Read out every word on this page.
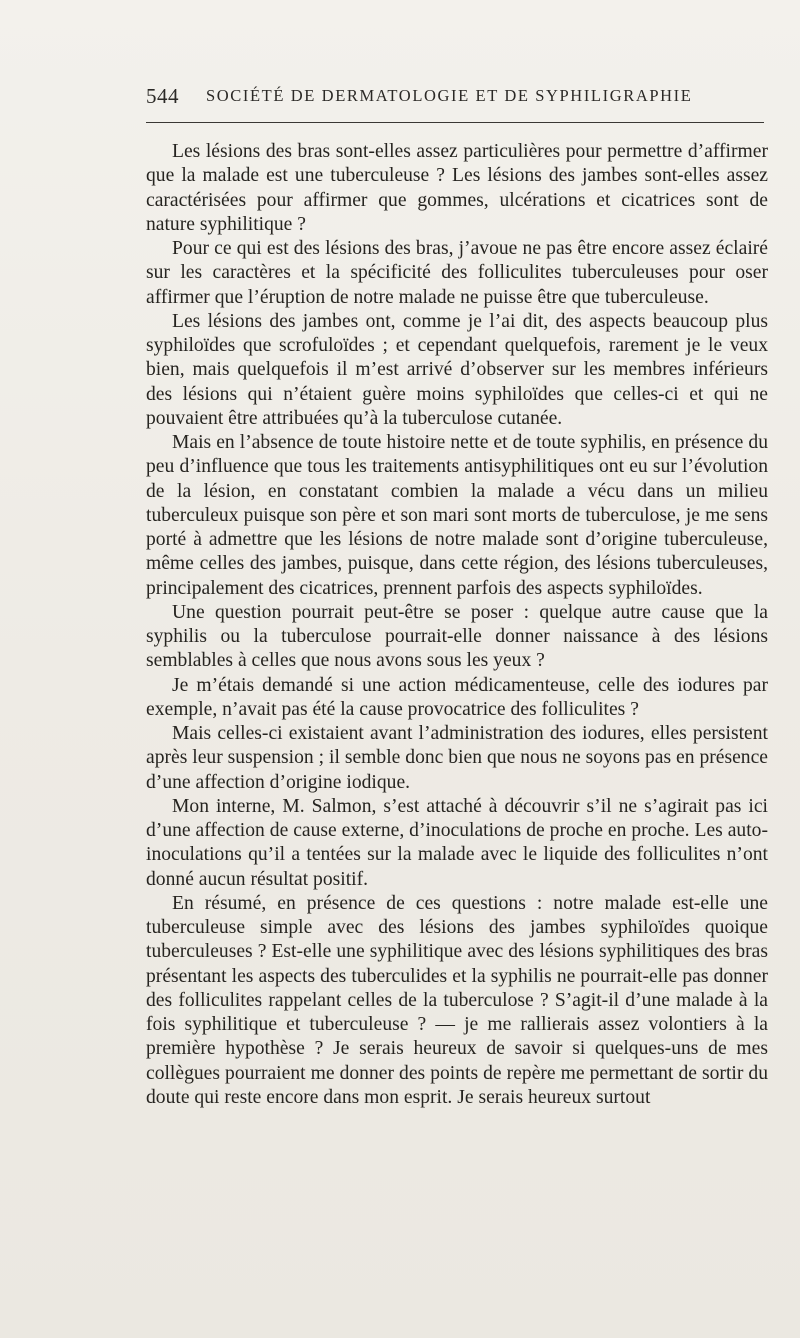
544 SOCIÉTÉ DE DERMATOLOGIE ET DE SYPHILIGRAPHIE

Les lésions des bras sont-elles assez particulières pour permettre d’affirmer que la malade est une tuberculeuse ? Les lésions des jambes sont-elles assez caractérisées pour affirmer que gommes, ulcérations et cicatrices sont de nature syphilitique ?

Pour ce qui est des lésions des bras, j’avoue ne pas être encore assez éclairé sur les caractères et la spécificité des folliculites tuberculeuses pour oser affirmer que l’éruption de notre malade ne puisse être que tuberculeuse.

Les lésions des jambes ont, comme je l’ai dit, des aspects beaucoup plus syphiloïdes que scrofuloïdes ; et cependant quelquefois, rarement je le veux bien, mais quelquefois il m’est arrivé d’observer sur les membres inférieurs des lésions qui n’étaient guère moins syphiloïdes que celles-ci et qui ne pouvaient être attribuées qu’à la tuberculose cutanée.

Mais en l’absence de toute histoire nette et de toute syphilis, en présence du peu d’influence que tous les traitements antisyphilitiques ont eu sur l’évolution de la lésion, en constatant combien la malade a vécu dans un milieu tuberculeux puisque son père et son mari sont morts de tuberculose, je me sens porté à admettre que les lésions de notre malade sont d’origine tuberculeuse, même celles des jambes, puisque, dans cette région, des lésions tuberculeuses, principalement des cicatrices, prennent parfois des aspects syphiloïdes.

Une question pourrait peut-être se poser : quelque autre cause que la syphilis ou la tuberculose pourrait-elle donner naissance à des lésions semblables à celles que nous avons sous les yeux ?

Je m’étais demandé si une action médicamenteuse, celle des iodures par exemple, n’avait pas été la cause provocatrice des folliculites ?

Mais celles-ci existaient avant l’administration des iodures, elles persistent après leur suspension ; il semble donc bien que nous ne soyons pas en présence d’une affection d’origine iodique.

Mon interne, M. Salmon, s’est attaché à découvrir s’il ne s’agirait pas ici d’une affection de cause externe, d’inoculations de proche en proche. Les auto-inoculations qu’il a tentées sur la malade avec le liquide des folliculites n’ont donné aucun résultat positif.

En résumé, en présence de ces questions : notre malade est-elle une tuberculeuse simple avec des lésions des jambes syphiloïdes quoique tuberculeuses ? Est-elle une syphilitique avec des lésions syphilitiques des bras présentant les aspects des tuberculides et la syphilis ne pourrait-elle pas donner des folliculites rappelant celles de la tuberculose ? S’agit-il d’une malade à la fois syphilitique et tuberculeuse ? — je me rallierais assez volontiers à la première hypothèse ? Je serais heureux de savoir si quelques-uns de mes collègues pourraient me donner des points de repère me permettant de sortir du doute qui reste encore dans mon esprit. Je serais heureux surtout
